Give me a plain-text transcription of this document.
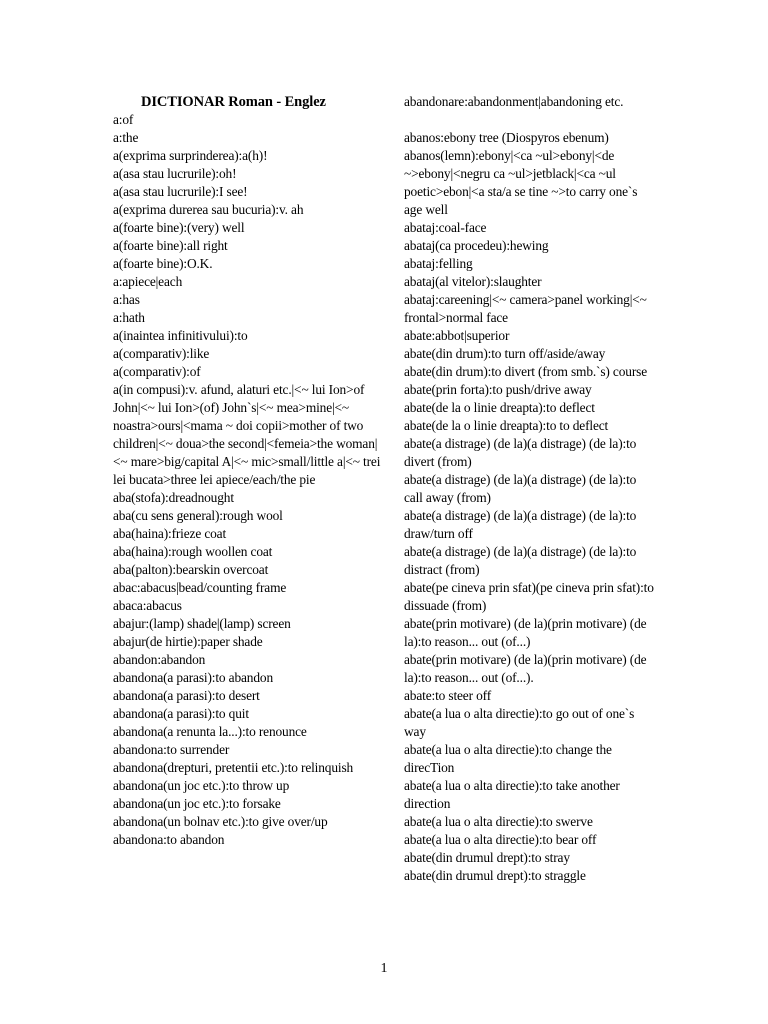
DICTIONAR Roman - Englez
a:of
a:the
a(exprima surprinderea):a(h)!
a(asa stau lucrurile):oh!
a(asa stau lucrurile):I see!
a(exprima durerea sau bucuria):v. ah
a(foarte bine):(very) well
a(foarte bine):all right
a(foarte bine):O.K.
a:apiece|each
a:has
a:hath
a(inaintea infinitivului):to
a(comparativ):like
a(comparativ):of
a(in compusi):v. afund, alaturi etc.|<~ lui Ion>of John|<~ lui Ion>(of) John`s|<~ mea>mine|<~ noastra>ours|<mama ~ doi copii>mother of two children|<~ doua>the second|<femeia>the woman|<~ mare>big/capital A|<~ mic>small/little a|<~ trei lei bucata>three lei apiece/each/the pie
aba(stofa):dreadnought
aba(cu sens general):rough wool
aba(haina):frieze coat
aba(haina):rough woollen coat
aba(palton):bearskin overcoat
abac:abacus|bead/counting frame
abaca:abacus
abajur:(lamp) shade|(lamp) screen
abajur(de hirtie):paper shade
abandon:abandon
abandona(a parasi):to abandon
abandona(a parasi):to desert
abandona(a parasi):to quit
abandona(a renunta la...):to renounce
abandona:to surrender
abandona(drepturi, pretentii etc.):to relinquish
abandona(un joc etc.):to throw up
abandona(un joc etc.):to forsake
abandona(un bolnav etc.):to give over/up
abandona:to abandon
abandonare:abandonment|abandoning etc.
abanos:ebony tree (Diospyros ebenum)
abanos(lemn):ebony|<ca ~ul>ebony|<de ~>ebony|<negru ca ~ul>jetblack|<ca ~ul poetic>ebon|<a sta/a se tine ~>to carry one`s age well
abataj:coal-face
abataj(ca procedeu):hewing
abataj:felling
abataj(al vitelor):slaughter
abataj:careening|<~ camera>panel working|<~ frontal>normal face
abate:abbot|superior
abate(din drum):to turn off/aside/away
abate(din drum):to divert (from smb.`s) course
abate(prin forta):to push/drive away
abate(de la o linie dreapta):to deflect
abate(de la o linie dreapta):to to deflect
abate(a distrage) (de la)(a distrage) (de la):to divert (from)
abate(a distrage) (de la)(a distrage) (de la):to call away (from)
abate(a distrage) (de la)(a distrage) (de la):to draw/turn off
abate(a distrage) (de la)(a distrage) (de la):to distract (from)
abate(pe cineva prin sfat)(pe cineva prin sfat):to dissuade (from)
abate(prin motivare) (de la)(prin motivare) (de la):to reason... out (of...)
abate(prin motivare) (de la)(prin motivare) (de la):to reason... out (of...).
abate:to steer off
abate(a lua o alta directie):to go out of one`s way
abate(a lua o alta directie):to change the direcTion
abate(a lua o alta directie):to take another direction
abate(a lua o alta directie):to swerve
abate(a lua o alta directie):to bear off
abate(din drumul drept):to stray
abate(din drumul drept):to straggle
1
